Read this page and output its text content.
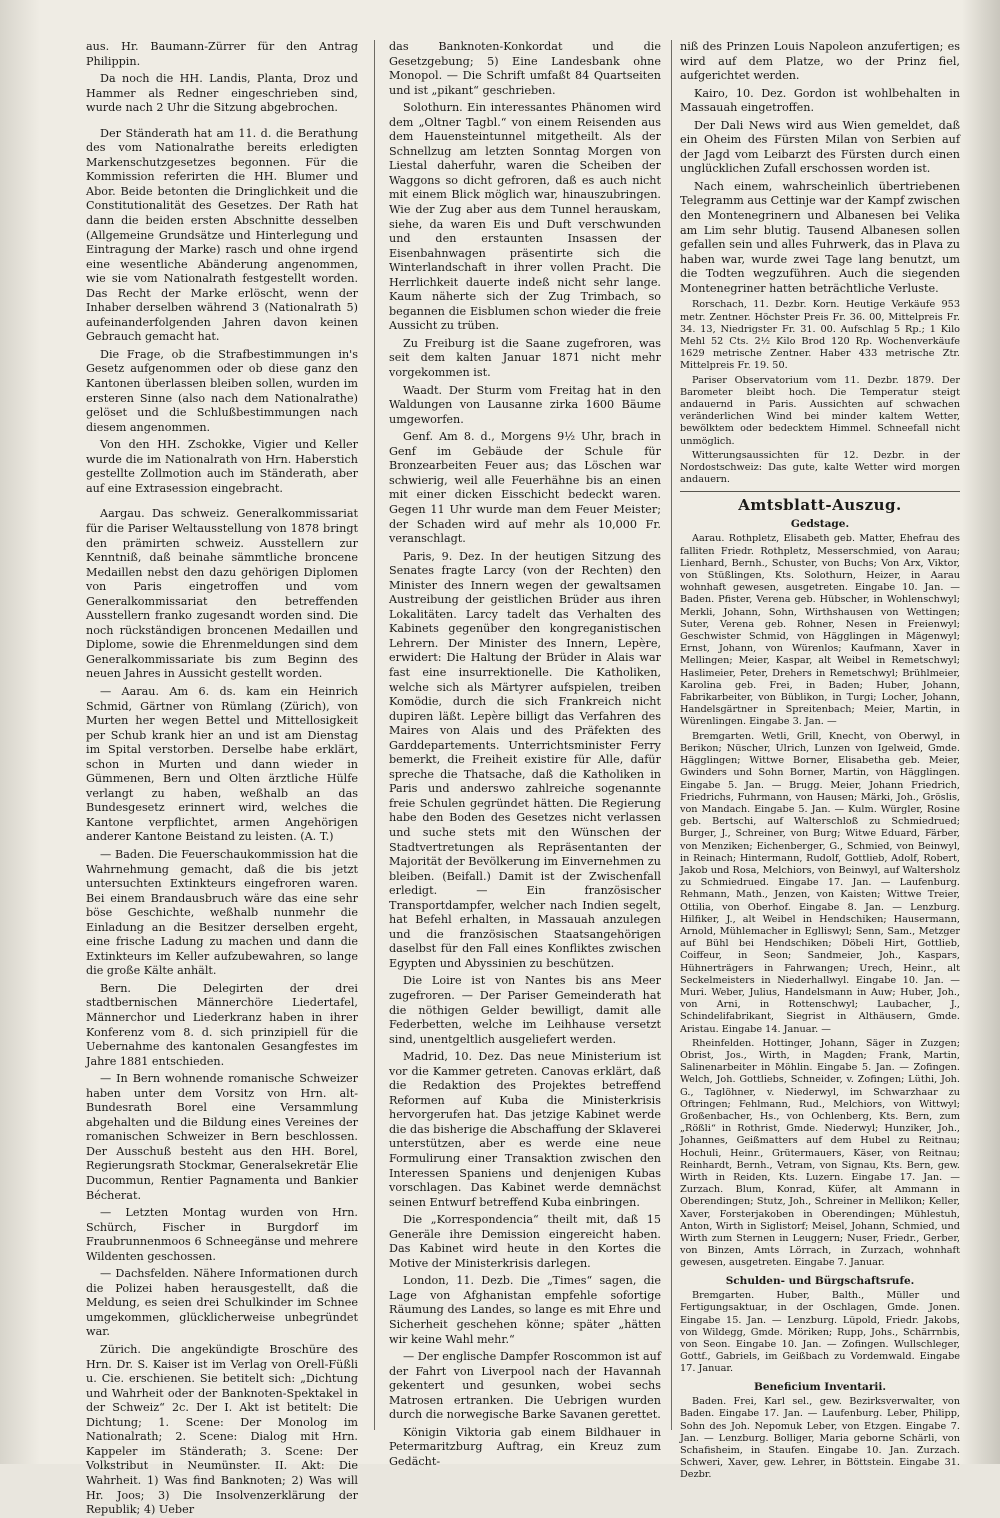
aus. Hr. Baumann-Zürrer für den Antrag Philippin.

Da noch die HH. Landis, Planta, Droz und Hammer als Redner eingeschrieben sind, wurde nach 2 Uhr die Sitzung abgebrochen.

Der Ständerath hat am 11. d. die Berathung des vom Nationalrathe bereits erledigten Markenschutzgesetzes begonnen. Für die Kommission referirten die HH. Blumer und Abor. Beide betonten die Dringlichkeit und die Constitutionalität des Gesetzes. Der Rath hat dann die beiden ersten Abschnitte desselben (Allgemeine Grundsätze und Hinterlegung und Eintragung der Marke) rasch und ohne irgend eine wesentliche Abänderung angenommen, wie sie vom Nationalrath festgestellt worden. Das Recht der Marke erlöscht, wenn der Inhaber derselben während 3 (Nationalrath 5) aufeinanderfolgenden Jahren davon keinen Gebrauch gemacht hat.

Die Frage, ob die Strafbestimmungen in's Gesetz aufgenommen oder ob diese ganz den Kantonen überlassen bleiben sollen, wurden im ersteren Sinne (also nach dem Nationalrathe) gelöset und die Schlußbestimmungen nach diesem angenommen.

Von den HH. Zschokke, Vigier und Keller wurde die im Nationalrath von Hrn. Haberstich gestellte Zollmotion auch im Ständerath, aber auf eine Extrasession eingebracht.

Aargau. Das schweiz. Generalkommissariat für die Pariser Weltausstellung von 1878 bringt den prämirten schweiz. Ausstellern zur Kenntniß, daß beinahe sämmtliche broncene Medaillen nebst den dazu gehörigen Diplomen von Paris eingetroffen und vom Generalkommissariat den betreffenden Ausstellern franko zugesandt worden sind. Die noch rückständigen broncenen Medaillen und Diplome, sowie die Ehrenmeldungen sind dem Generalkommissariate bis zum Beginn des neuen Jahres in Aussicht gestellt worden.

— Aarau. Am 6. ds. kam ein Heinrich Schmid, Gärtner von Rümlang (Zürich), von Murten her wegen Bettel und Mittellosigkeit per Schub krank hier an und ist am Dienstag im Spital verstorben. Derselbe habe erklärt, schon in Murten und dann wieder in Gümmenen, Bern und Olten ärztliche Hülfe verlangt zu haben, weßhalb an das Bundesgesetz erinnert wird, welches die Kantone verpflichtet, armen Angehörigen anderer Kantone Beistand zu leisten. (A. T.)

— Baden. Die Feuerschaukommission hat die Wahrnehmung gemacht, daß die bis jetzt untersuchten Extinkteurs eingefroren waren. Bei einem Brandausbruch wäre das eine sehr böse Geschichte, weßhalb nunmehr die Einladung an die Besitzer derselben ergeht, eine frische Ladung zu machen und dann die Extinkteurs im Keller aufzubewahren, so lange die große Kälte anhält.

Bern. Die Delegirten der drei stadtbernischen Männerchöre Liedertafel, Männerchor und Liederkranz haben in ihrer Konferenz vom 8. d. sich prinzipiell für die Uebernahme des kantonalen Gesangfestes im Jahre 1881 entschieden.

— In Bern wohnende romanische Schweizer haben unter dem Vorsitz von Hrn. alt-Bundesrath Borel eine Versammlung abgehalten und die Bildung eines Vereines der romanischen Schweizer in Bern beschlossen. Der Ausschuß besteht aus den HH. Borel, Regierungsrath Stockmar, Generalsekretär Elie Ducommun, Rentier Pagnamenta und Bankier Bécherat.

— Letzten Montag wurden von Hrn. Schürch, Fischer in Burgdorf im Fraubrunnenmoos 6 Schneegänse und mehrere Wildenten geschossen.

— Dachsfelden. Nähere Informationen durch die Polizei haben herausgestellt, daß die Meldung, es seien drei Schulkinder im Schnee umgekommen, glücklicherweise unbegründet war.

Zürich. Die angekündigte Broschüre des Hrn. Dr. S. Kaiser ist im Verlag von Orell-Füßli u. Cie. erschienen. Sie betitelt sich: „Dichtung und Wahrheit oder der Banknoten-Spektakel in der Schweiz“ 2c. Der I. Akt ist betitelt: Die Dichtung; 1. Scene: Der Monolog im Nationalrath; 2. Scene: Dialog mit Hrn. Kappeler im Ständerath; 3. Scene: Der Volkstribut in Neumünster. II. Akt: Die Wahrheit. 1) Was find Banknoten; 2) Was will Hr. Joos; 3) Die Insolvenzerklärung der Republik; 4) Ueber

das Banknoten-Konkordat und die Gesetzgebung; 5) Eine Landesbank ohne Monopol. — Die Schrift umfaßt 84 Quartseiten und ist „pikant“ geschrieben.

Solothurn. Ein interessantes Phänomen wird dem „Oltner Tagbl.“ von einem Reisenden aus dem Hauensteintunnel mitgetheilt. Als der Schnellzug am letzten Sonntag Morgen von Liestal daherfuhr, waren die Scheiben der Waggons so dicht gefroren, daß es auch nicht mit einem Blick möglich war, hinauszubringen. Wie der Zug aber aus dem Tunnel herauskam, siehe, da waren Eis und Duft verschwunden und den erstaunten Insassen der Eisenbahnwagen präsentirte sich die Winterlandschaft in ihrer vollen Pracht. Die Herrlichkeit dauerte indeß nicht sehr lange. Kaum näherte sich der Zug Trimbach, so begannen die Eisblumen schon wieder die freie Aussicht zu trüben.

Zu Freiburg ist die Saane zugefroren, was seit dem kalten Januar 1871 nicht mehr vorgekommen ist.

Waadt. Der Sturm vom Freitag hat in den Waldungen von Lausanne zirka 1600 Bäume umgeworfen.

Genf. Am 8. d., Morgens 9½ Uhr, brach in Genf im Gebäude der Schule für Bronzearbeiten Feuer aus; das Löschen war schwierig, weil alle Feuerhähne bis an einen mit einer dicken Eisschicht bedeckt waren. Gegen 11 Uhr wurde man dem Feuer Meister; der Schaden wird auf mehr als 10,000 Fr. veranschlagt.

Paris, 9. Dez. In der heutigen Sitzung des Senates fragte Larcy (von der Rechten) den Minister des Innern wegen der gewaltsamen Austreibung der geistlichen Brüder aus ihren Lokalitäten. Larcy tadelt das Verhalten des Kabinets gegenüber den kongreganistischen Lehrern. Der Minister des Innern, Lepère, erwidert: Die Haltung der Brüder in Alais war fast eine insurrektionelle. Die Katholiken, welche sich als Märtyrer aufspielen, treiben Komödie, durch die sich Frankreich nicht dupiren läßt. Lepère billigt das Verfahren des Maires von Alais und des Präfekten des Garddepartements. Unterrichtsminister Ferry bemerkt, die Freiheit existire für Alle, dafür spreche die Thatsache, daß die Katholiken in Paris und anderswo zahlreiche sogenannte freie Schulen gegründet hätten. Die Regierung habe den Boden des Gesetzes nicht verlassen und suche stets mit den Wünschen der Stadtvertretungen als Repräsentanten der Majorität der Bevölkerung im Einvernehmen zu bleiben. (Beifall.) Damit ist der Zwischenfall erledigt. — Ein französischer Transportdampfer, welcher nach Indien segelt, hat Befehl erhalten, in Massauah anzulegen und die französischen Staatsangehörigen daselbst für den Fall eines Konfliktes zwischen Egypten und Abyssinien zu beschützen.

Die Loire ist von Nantes bis ans Meer zugefroren. — Der Pariser Gemeinderath hat die nöthigen Gelder bewilligt, damit alle Federbetten, welche im Leihhause versetzt sind, unentgeltlich ausgeliefert werden.

Madrid, 10. Dez. Das neue Ministerium ist vor die Kammer getreten. Canovas erklärt, daß die Redaktion des Projektes betreffend Reformen auf Kuba die Ministerkrisis hervorgerufen hat. Das jetzige Kabinet werde die das bisherige die Abschaffung der Sklaverei unterstützen, aber es werde eine neue Formulirung einer Transaktion zwischen den Interessen Spaniens und denjenigen Kubas vorschlagen. Das Kabinet werde demnächst seinen Entwurf betreffend Kuba einbringen.

Die „Korrespondencia“ theilt mit, daß 15 Generäle ihre Demission eingereicht haben. Das Kabinet wird heute in den Kortes die Motive der Ministerkrisis darlegen.

London, 11. Dezb. Die „Times“ sagen, die Lage von Afghanistan empfehle sofortige Räumung des Landes, so lange es mit Ehre und Sicherheit geschehen könne; später „hätten wir keine Wahl mehr.“

— Der englische Dampfer Roscommon ist auf der Fahrt von Liverpool nach der Havannah gekentert und gesunken, wobei sechs Matrosen ertranken. Die Uebrigen wurden durch die norwegische Barke Savanen gerettet.

Königin Viktoria gab einem Bildhauer in Petermaritzburg Auftrag, ein Kreuz zum Gedächt-

niß des Prinzen Louis Napoleon anzufertigen; es wird auf dem Platze, wo der Prinz fiel, aufgerichtet werden.

Kairo, 10. Dez. Gordon ist wohlbehalten in Massauah eingetroffen.

Der Dali News wird aus Wien gemeldet, daß ein Oheim des Fürsten Milan von Serbien auf der Jagd vom Leibarzt des Fürsten durch einen unglücklichen Zufall erschossen worden ist.

Nach einem, wahrscheinlich übertriebenen Telegramm aus Cettinje war der Kampf zwischen den Montenegrinern und Albanesen bei Velika am Lim sehr blutig. Tausend Albanesen sollen gefallen sein und alles Fuhrwerk, das in Plava zu haben war, wurde zwei Tage lang benutzt, um die Todten wegzuführen. Auch die siegenden Montenegriner hatten beträchtliche Verluste.

Rorschach, 11. Dezbr. Korn. Heutige Verkäufe 953 metr. Zentner. Höchster Preis Fr. 36. 00, Mittelpreis Fr. 34. 13, Niedrigster Fr. 31. 00. Aufschlag 5 Rp.; 1 Kilo Mehl 52 Cts. 2½ Kilo Brod 120 Rp. Wochenverkäufe 1629 metrische Zentner. Haber 433 metrische Ztr. Mittelpreis Fr. 19. 50.

Pariser Observatorium vom 11. Dezbr. 1879. Der Barometer bleibt hoch. Die Temperatur steigt andauernd in Paris. Aussichten auf schwachen veränderlichen Wind bei minder kaltem Wetter, bewölktem oder bedecktem Himmel. Schneefall nicht unmöglich.

Witterungsaussichten für 12. Dezbr. in der Nordostschweiz: Das gute, kalte Wetter wird morgen andauern.

Amtsblatt-Auszug.
Gedstage.

Aarau. Rothpletz, Elisabeth geb. Matter, Ehefrau des falliten Friedr. Rothpletz, Messerschmied, von Aarau; Lienhard, Bernh., Schuster, von Buchs; Von Arx, Viktor, von Stüßlingen, Kts. Solothurn, Heizer, in Aarau wohnhaft gewesen, ausgetreten. Eingabe 10. Jan. — Baden. Pfister, Verena geb. Hübscher, in Wohlenschwyl; Merkli, Johann, Sohn, Wirthshausen von Wettingen; Suter, Verena geb. Rohner, Nesen in Freienwyl; Geschwister Schmid, von Hägglingen in Mägenwyl; Ernst, Johann, von Würenlos; Kaufmann, Xaver in Mellingen; Meier, Kaspar, alt Weibel in Remetschwyl; Haslimeier, Peter, Drehers in Remetschwyl; Brühlmeier, Karolina geb. Frei, in Baden; Huber, Johann, Fabrikarbeiter, von Büblikon, in Turgi; Locher, Johann, Handelsgärtner in Spreitenbach; Meier, Martin, in Würenlingen. Eingabe 3. Jan. —

Bremgarten. Wetli, Grill, Knecht, von Oberwyl, in Berikon; Nüscher, Ulrich, Lunzen von Igelweid, Gmde. Hägglingen; Wittwe Borner, Elisabetha geb. Meier, Gwinders und Sohn Borner, Martin, von Hägglingen. Eingabe 5. Jan. — Brugg. Meier, Johann Friedrich, Friedrichs, Fuhrmann, von Hausen; Märki, Joh., Gröslis, von Mandach. Eingabe 5. Jan. — Kulm. Würgler, Rosine geb. Bertschi, auf Walterschloß zu Schmiedrued; Burger, J., Schreiner, von Burg; Witwe Eduard, Färber, von Menziken; Eichenberger, G., Schmied, von Beinwyl, in Reinach; Hintermann, Rudolf, Gottlieb, Adolf, Robert, Jakob und Rosa, Melchiors, von Beinwyl, auf Waltersholz zu Schmiedrued. Eingabe 17. Jan. — Laufenburg. Rehmann, Math., Jenzen, von Kaisten; Wittwe Treier, Ottilia, von Oberhof. Eingabe 8. Jan. — Lenzburg. Hilfiker, J., alt Weibel in Hendschiken; Hausermann, Arnold, Mühlemacher in Eglliswyl; Senn, Sam., Metzger auf Bühl bei Hendschiken; Döbeli Hirt, Gottlieb, Coiffeur, in Seon; Sandmeier, Joh., Kaspars, Hühnerträgers in Fahrwangen; Urech, Heinr., alt Seckelmeisters in Niederhallwyl. Eingabe 10. Jan. — Muri. Weber, Julius, Handelsmann in Auw; Huber, Joh., von Arni, in Rottenschwyl; Laubacher, J., Schindelifabrikant, Siegrist in Althäusern, Gmde. Aristau. Eingabe 14. Januar. —

Rheinfelden. Hottinger, Johann, Säger in Zuzgen; Obrist, Jos., Wirth, in Magden; Frank, Martin, Salinenarbeiter in Möhlin. Eingabe 5. Jan. — Zofingen. Welch, Joh. Gottliebs, Schneider, v. Zofingen; Lüthi, Joh. G., Taglöhner, v. Niederwyl, im Schwarzhaar zu Oftringen; Fehlmann, Rud., Melchiors, von Wittwyl; Großenbacher, Hs., von Ochlenberg, Kts. Bern, zum „Rößli“ in Rothrist, Gmde. Niederwyl; Hunziker, Joh., Johannes, Geißmatters auf dem Hubel zu Reitnau; Hochuli, Heinr., Grütermauers, Käser, von Reitnau; Reinhardt, Bernh., Vetram, von Signau, Kts. Bern, gew. Wirth in Reiden, Kts. Luzern. Eingabe 17. Jan. — Zurzach. Blum, Konrad, Küfer, alt Ammann in Oberendingen; Stutz, Joh., Schreiner in Mellikon; Keller, Xaver, Forsterjakoben in Oberendingen; Mühlestuh, Anton, Wirth in Siglistorf; Meisel, Johann, Schmied, und Wirth zum Sternen in Leuggern; Nuser, Friedr., Gerber, von Binzen, Amts Lörrach, in Zurzach, wohnhaft gewesen, ausgetreten. Eingabe 7. Januar.

Schulden- und Bürgschaftsrufe.

Bremgarten. Huber, Balth., Müller und Fertigungsaktuar, in der Oschlagen, Gmde. Jonen. Eingabe 15. Jan. — Lenzburg. Lüpold, Friedr. Jakobs, von Wildegg, Gmde. Möriken; Rupp, Johs., Schärrnbis, von Seon. Eingabe 10. Jan. — Zofingen. Wullschleger, Gottf., Gabriels, im Geißbach zu Vordemwald. Eingabe 17. Januar.

Beneficium Inventarii.

Baden. Frei, Karl sel., gew. Bezirksverwalter, von Baden. Eingabe 17. Jan. — Laufenburg. Leber, Philipp, Sohn des Joh. Nepomuk Leber, von Etzgen. Eingabe 7. Jan. — Lenzburg. Bolliger, Maria geborne Schärli, von Schafisheim, in Staufen. Eingabe 10. Jan. Zurzach. Schweri, Xaver, gew. Lehrer, in Böttstein. Eingabe 31. Dezbr.
